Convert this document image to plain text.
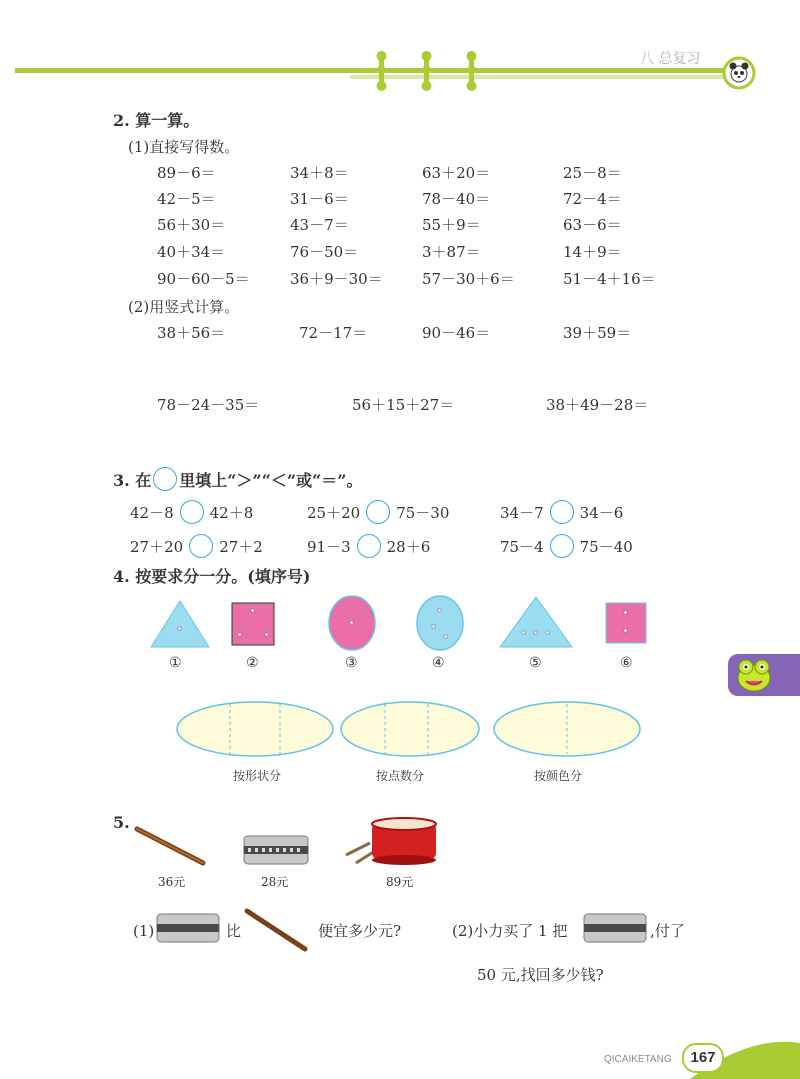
八 总复习
2. 算一算。
(1)直接写得数。
89－6＝	34＋8＝	63＋20＝	25－8＝
42－5＝	31－6＝	78－40＝	72－4＝
56＋30＝	43－7＝	55＋9＝	63－6＝
40＋34＝	76－50＝	3＋87＝	14＋9＝
90－60－5＝	36＋9－30＝	57－30＋6＝	51－4＋16＝
(2)用竖式计算。
38＋56＝	72－17＝	90－46＝	39＋59＝
78－24－35＝	56＋15＋27＝	38＋49－28＝
3. 在 里填上“＞”“＜”或“＝”。
42－8 42＋8	25＋20 75－30	34－7 34－6
27＋20 27＋2	91－3 28＋6	75－4 75－40
4. 按要求分一分。(填序号)
①	②	③	④	⑤	⑥
按形状分	按点数分	按颜色分
5.
36元	28元	89元
(1)	比	便宜多少元?	(2)小力买了 1 把	,付了
50 元,找回多少钱?
QICAIKETANG	167
